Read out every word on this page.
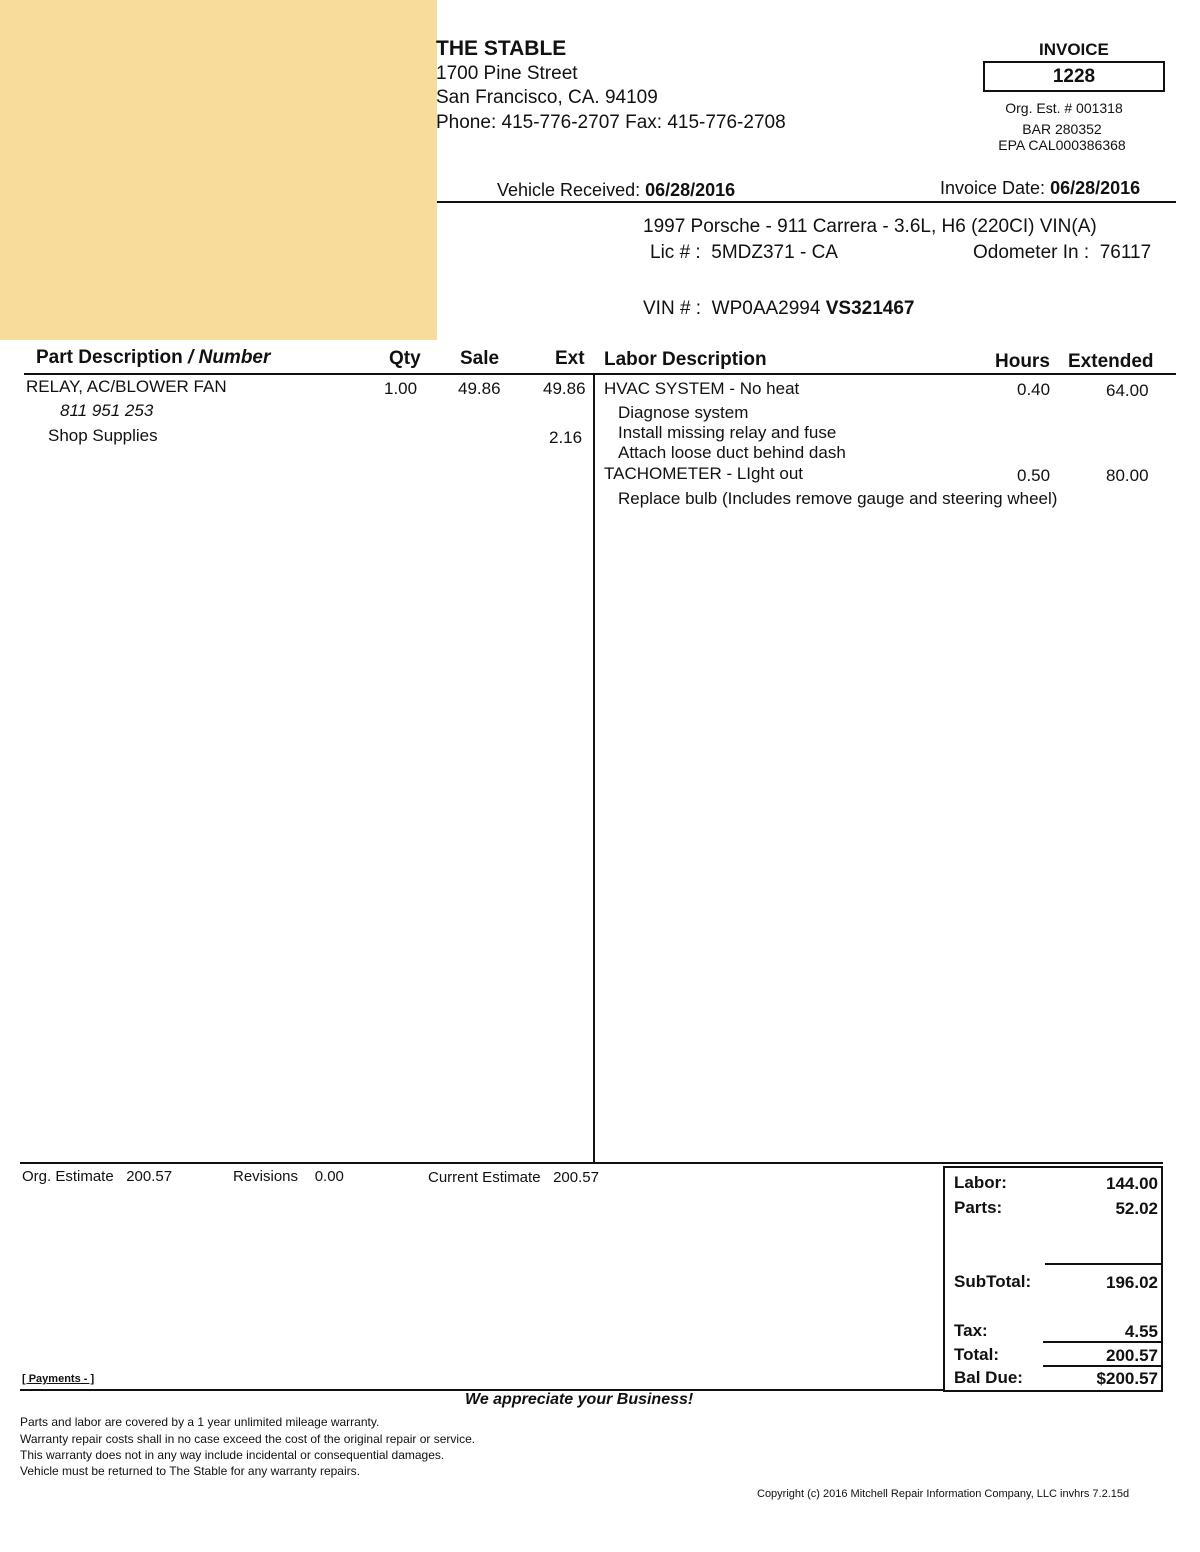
THE STABLE
1700 Pine Street
San Francisco, CA. 94109
Phone: 415-776-2707 Fax: 415-776-2708
INVOICE
1228
Org. Est. # 001318
BAR 280352
EPA CAL000386368
Vehicle Received: 06/28/2016	Invoice Date: 06/28/2016
1997 Porsche - 911 Carrera - 3.6L, H6 (220CI) VIN(A)
Lic # : 5MDZ371 - CA	Odometer In : 76117
VIN # : WP0AA2994 VS321467
Part Description / Number	Qty Sale	Ext Labor Description	Hours Extended
RELAY, AC/BLOWER FAN	1.00 49.86 49.86
811 951 253
Shop Supplies	2.16
HVAC SYSTEM - No heat	0.40	64.00
Diagnose system
Install missing relay and fuse
Attach loose duct behind dash
TACHOMETER - LIght out	0.50	80.00
Replace bulb (Includes remove gauge and steering wheel)
Org. Estimate 200.57	Revisions 0.00	Current Estimate 200.57
[ Payments - ]
Labor:	144.00
Parts:	52.02
SubTotal:	196.02
Tax:	4.55
Total:	200.57
Bal Due:	$200.57
We appreciate your Business!
Parts and labor are covered by a 1 year unlimited mileage warranty.
Warranty repair costs shall in no case exceed the cost of the original repair or service.
This warranty does not in any way include incidental or consequential damages.
Vehicle must be returned to The Stable for any warranty repairs.
Copyright (c) 2016 Mitchell Repair Information Company, LLC invhrs 7.2.15d
